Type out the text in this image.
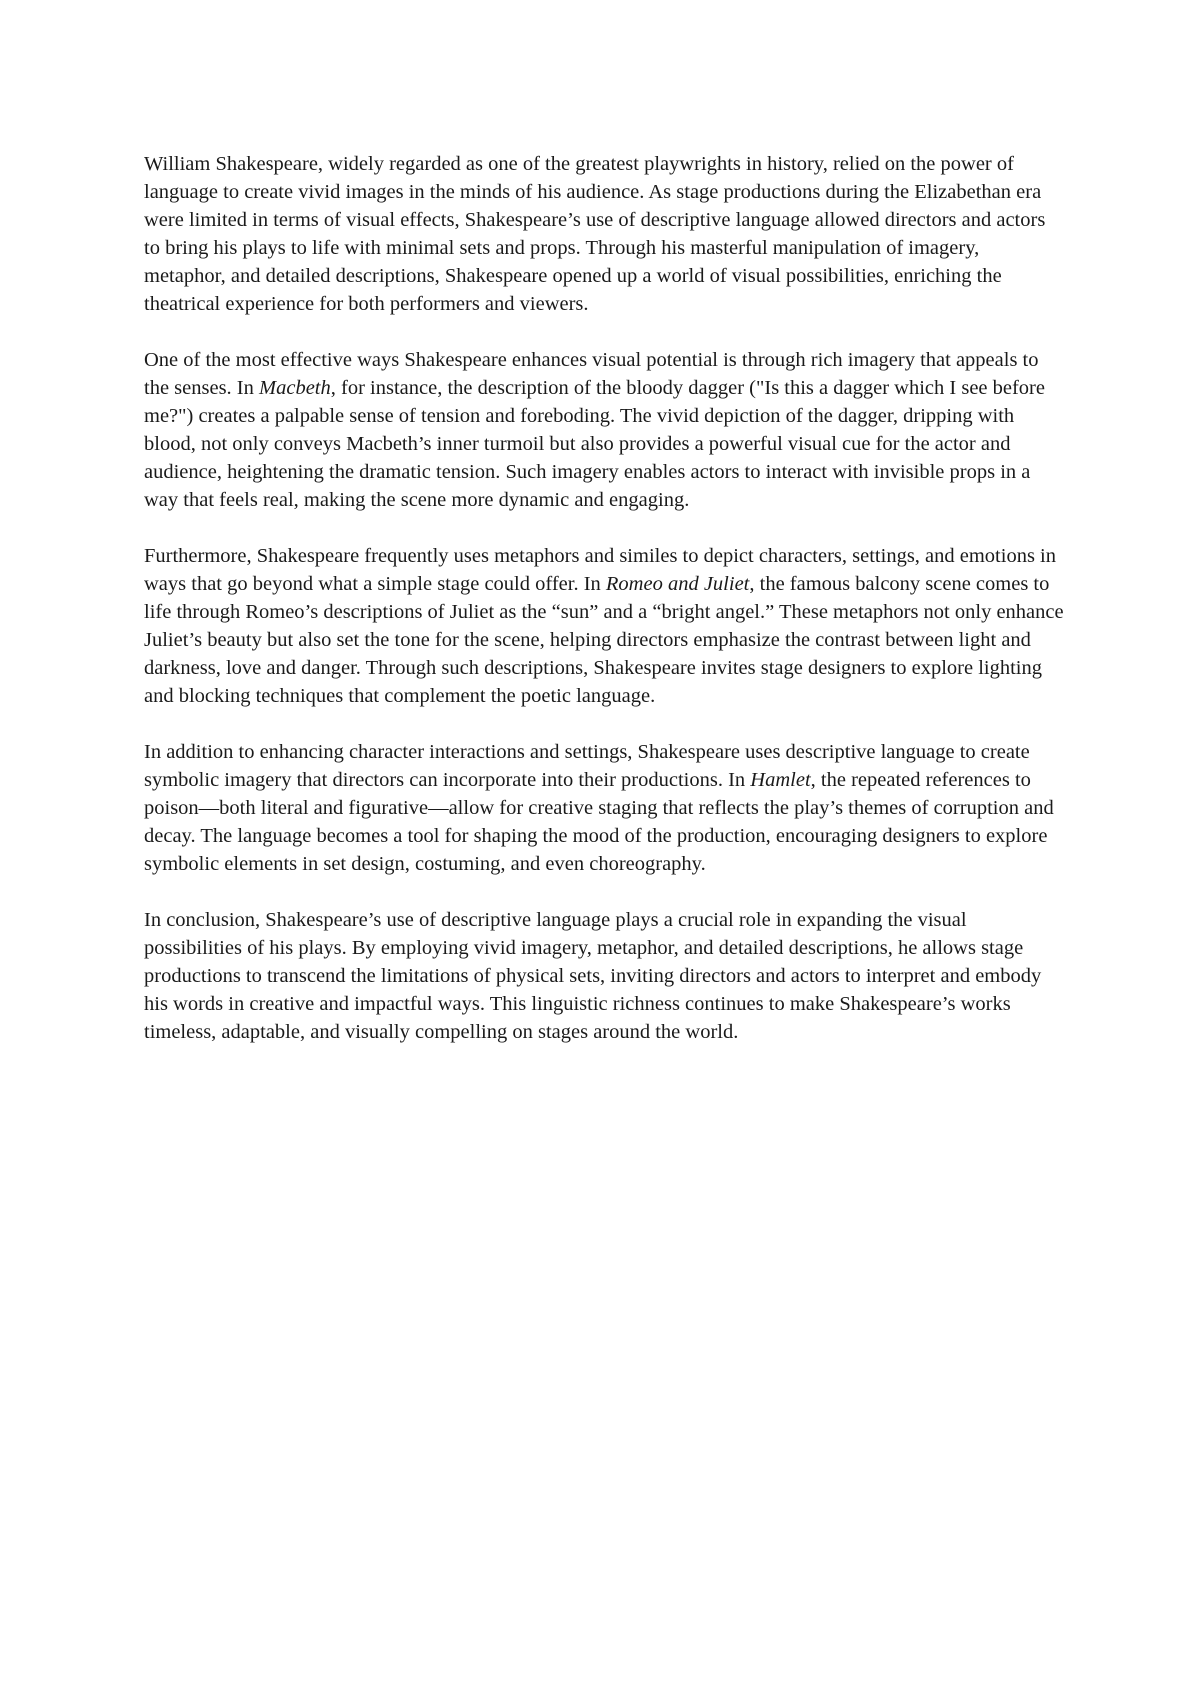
William Shakespeare, widely regarded as one of the greatest playwrights in history, relied on the power of language to create vivid images in the minds of his audience. As stage productions during the Elizabethan era were limited in terms of visual effects, Shakespeare’s use of descriptive language allowed directors and actors to bring his plays to life with minimal sets and props. Through his masterful manipulation of imagery, metaphor, and detailed descriptions, Shakespeare opened up a world of visual possibilities, enriching the theatrical experience for both performers and viewers.

One of the most effective ways Shakespeare enhances visual potential is through rich imagery that appeals to the senses. In Macbeth, for instance, the description of the bloody dagger ("Is this a dagger which I see before me?") creates a palpable sense of tension and foreboding. The vivid depiction of the dagger, dripping with blood, not only conveys Macbeth’s inner turmoil but also provides a powerful visual cue for the actor and audience, heightening the dramatic tension. Such imagery enables actors to interact with invisible props in a way that feels real, making the scene more dynamic and engaging.

Furthermore, Shakespeare frequently uses metaphors and similes to depict characters, settings, and emotions in ways that go beyond what a simple stage could offer. In Romeo and Juliet, the famous balcony scene comes to life through Romeo’s descriptions of Juliet as the “sun” and a “bright angel.” These metaphors not only enhance Juliet’s beauty but also set the tone for the scene, helping directors emphasize the contrast between light and darkness, love and danger. Through such descriptions, Shakespeare invites stage designers to explore lighting and blocking techniques that complement the poetic language.

In addition to enhancing character interactions and settings, Shakespeare uses descriptive language to create symbolic imagery that directors can incorporate into their productions. In Hamlet, the repeated references to poison—both literal and figurative—allow for creative staging that reflects the play’s themes of corruption and decay. The language becomes a tool for shaping the mood of the production, encouraging designers to explore symbolic elements in set design, costuming, and even choreography.

In conclusion, Shakespeare’s use of descriptive language plays a crucial role in expanding the visual possibilities of his plays. By employing vivid imagery, metaphor, and detailed descriptions, he allows stage productions to transcend the limitations of physical sets, inviting directors and actors to interpret and embody his words in creative and impactful ways. This linguistic richness continues to make Shakespeare’s works timeless, adaptable, and visually compelling on stages around the world.
